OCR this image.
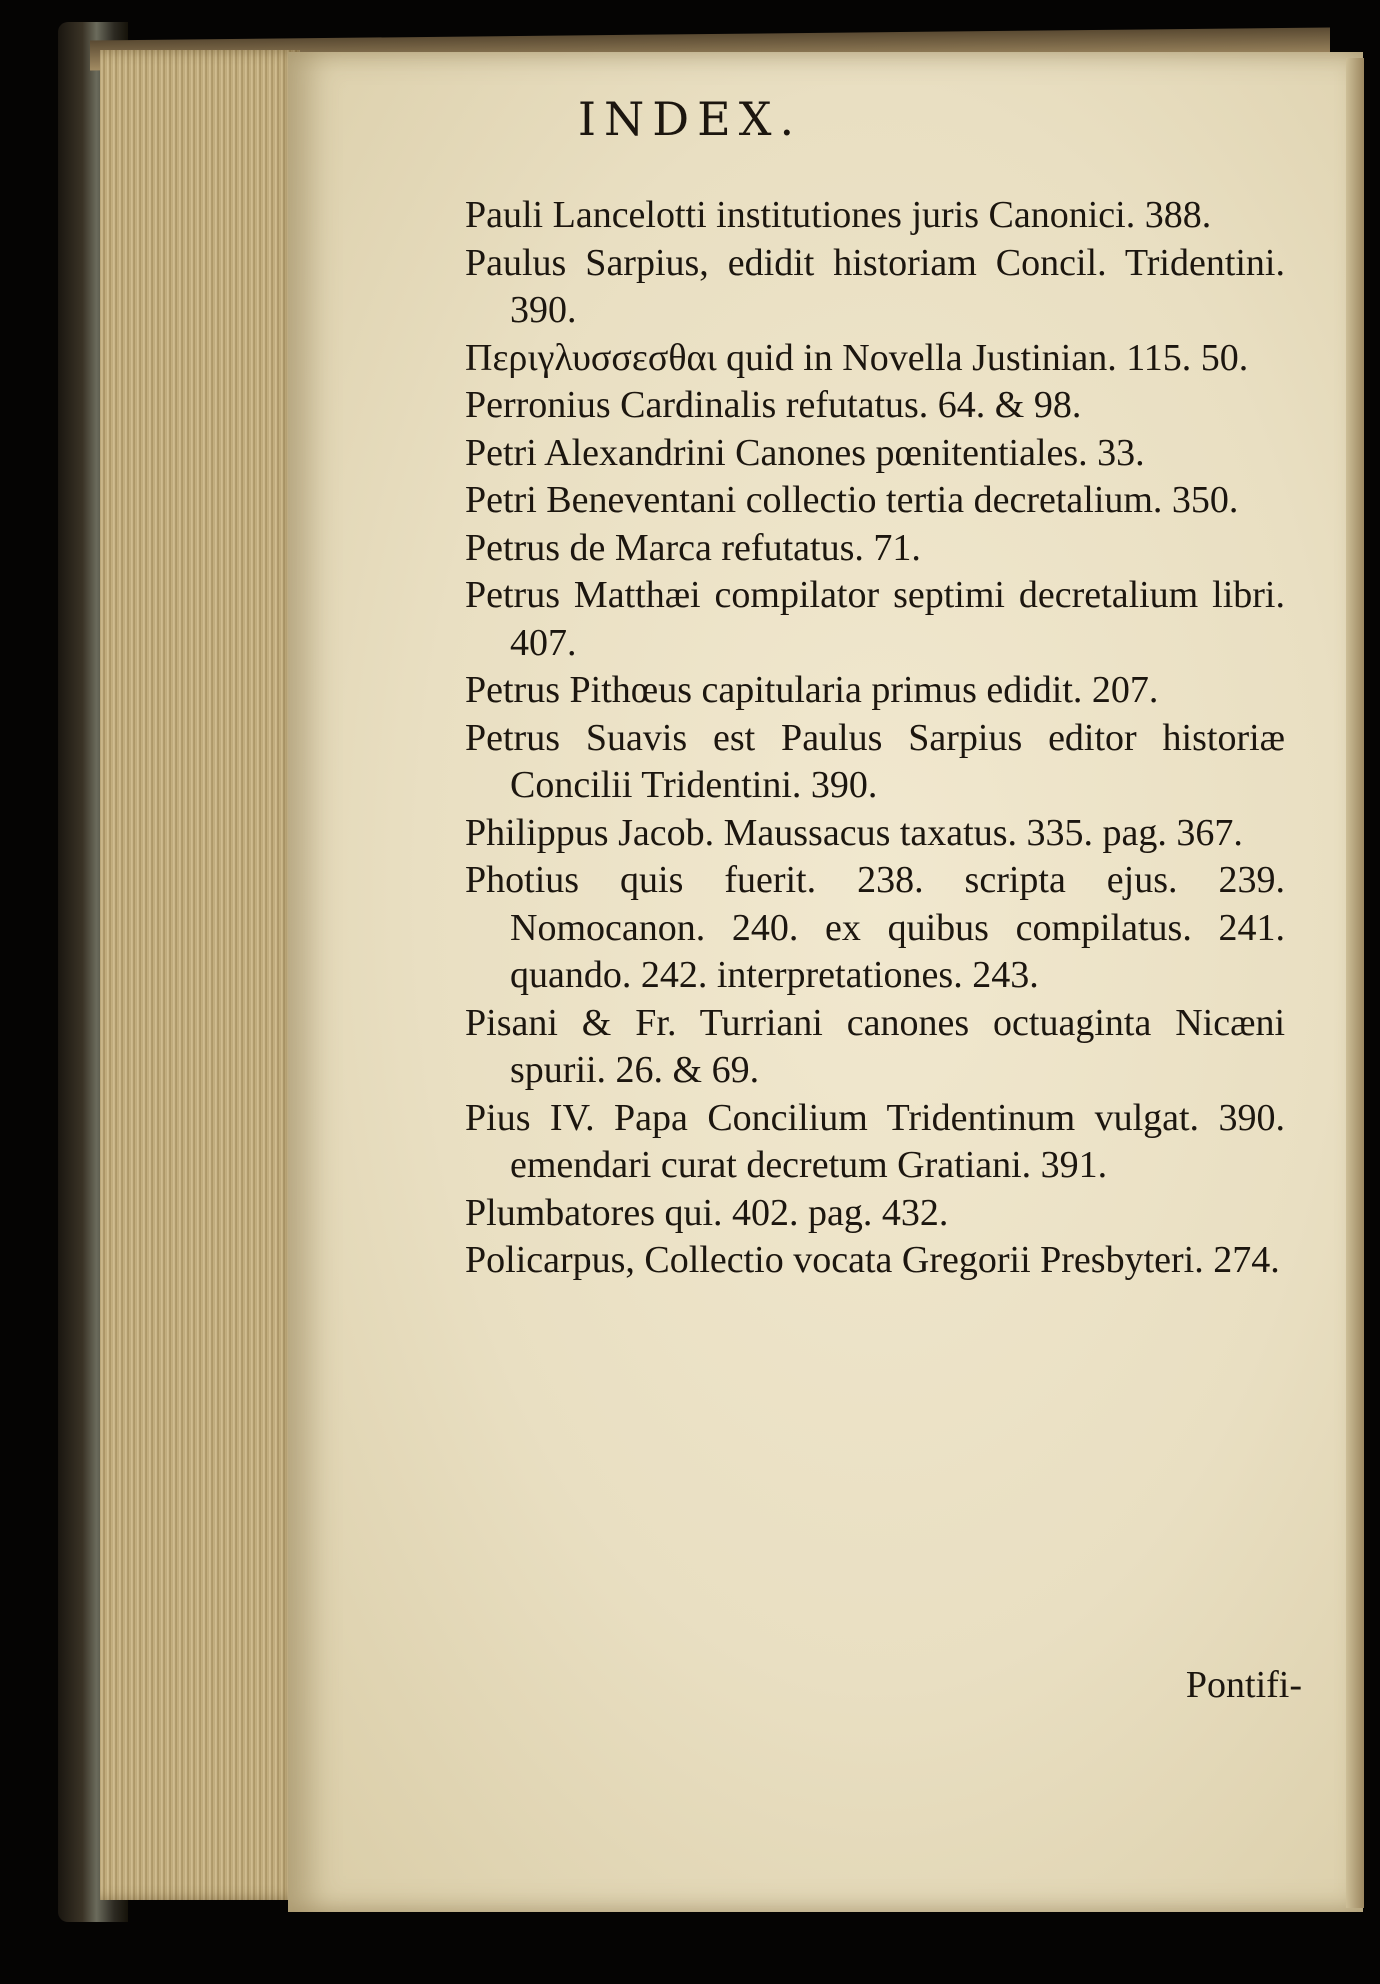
INDEX.
Pauli Lancelotti institutiones juris Canonici. 388.
Paulus Sarpius, edidit historiam Concil. Tridentini. 390.
Περιγλυσσεσθαι quid in Novella Justinian. 115. 50.
Perronius Cardinalis refutatus. 64. & 98.
Petri Alexandrini Canones pœnitentiales. 33.
Petri Beneventani collectio tertia decretalium. 350.
Petrus de Marca refutatus. 71.
Petrus Matthæi compilator septimi decretalium libri. 407.
Petrus Pithœus capitularia primus edidit. 207.
Petrus Suavis est Paulus Sarpius editor historiæ Concilii Tridentini. 390.
Philippus Jacob. Maussacus taxatus. 335. pag. 367.
Photius quis fuerit. 238. scripta ejus. 239. Nomocanon. 240. ex quibus compilatus. 241. quando. 242. interpretationes. 243.
Pisani & Fr. Turriani canones octuaginta Nicæni spurii. 26. & 69.
Pius IV. Papa Concilium Tridentinum vulgat. 390. emendari curat decretum Gratiani. 391.
Plumbatores qui. 402. pag. 432.
Policarpus, Collectio vocata Gregorii Presbyteri. 274.
Pontifi-
